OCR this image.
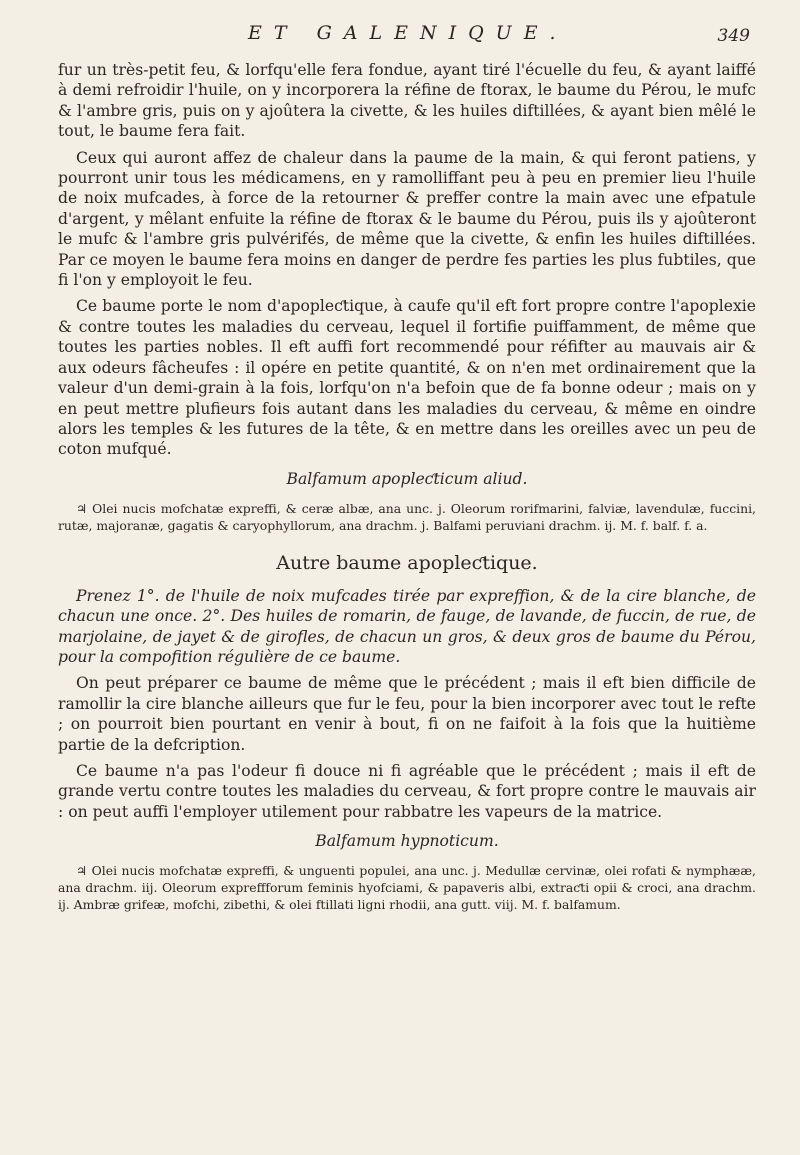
ET GALENIQUE.	349

fur un très-petit feu, & lorfqu'elle fera fondue, ayant tiré l'écuelle du feu, & ayant laiffé à demi refroidir l'huile, on y incorporera la réfine de ftorax, le baume du Pérou, le mufc & l'ambre gris, puis on y ajoûtera la civette, & les huiles diftillées, & ayant bien mêlé le tout, le baume fera fait.

Ceux qui auront affez de chaleur dans la paume de la main, & qui feront patiens, y pourront unir tous les médicamens, en y ramolliffant peu à peu en premier lieu l'huile de noix mufcades, à force de la retourner & preffer contre la main avec une efpatule d'argent, y mêlant enfuite la réfine de ftorax & le baume du Pérou, puis ils y ajoûteront le mufc & l'ambre gris pulvérifés, de même que la civette, & enfin les huiles diftillées. Par ce moyen le baume fera moins en danger de perdre fes parties les plus fubtiles, que fi l'on y employoit le feu.

Ce baume porte le nom d'apopleƈtique, à caufe qu'il eft fort propre contre l'apoplexie & contre toutes les maladies du cerveau, lequel il fortifie puiffamment, de même que toutes les parties nobles. Il eft auffi fort recommendé pour réfifter au mauvais air & aux odeurs fâcheufes : il opére en petite quantité, & on n'en met ordinairement que la valeur d'un demi-grain à la fois, lorfqu'on n'a befoin que de fa bonne odeur ; mais on y en peut mettre plufieurs fois autant dans les maladies du cerveau, & même en oindre alors les temples & les futures de la tête, & en mettre dans les oreilles avec un peu de coton mufqué.

Balfamum apopleƈticum aliud.
♃ Olei nucis mofchatæ expreffi, & ceræ albæ, ana unc. j. Oleorum rorifmarini, falviæ, lavendulæ, fuccini, rutæ, majoranæ, gagatis & caryophyllorum, ana drachm. j. Balfami peruviani drachm. ij. M. f. balf. f. a.
Autre baume apopleƈtique.

Prenez 1°. de l'huile de noix mufcades tirée par expreffion, & de la cire blanche, de chacun une once. 2°. Des huiles de romarin, de fauge, de lavande, de fuccin, de rue, de marjolaine, de jayet & de girofles, de chacun un gros, & deux gros de baume du Pérou, pour la compofition régulière de ce baume.

On peut préparer ce baume de même que le précédent ; mais il eft bien difficile de ramollir la cire blanche ailleurs que fur le feu, pour la bien incorporer avec tout le refte ; on pourroit bien pourtant en venir à bout, fi on ne faifoit à la fois que la huitième partie de la defcription.

Ce baume n'a pas l'odeur fi douce ni fi agréable que le précédent ; mais il eft de grande vertu contre toutes les maladies du cerveau, & fort propre contre le mauvais air : on peut auffi l'employer utilement pour rabbatre les vapeurs de la matrice.

Balfamum hypnoticum.
♃ Olei nucis mofchatæ expreffi, & unguenti populei, ana unc. j. Medullæ cervinæ, olei rofati & nymphææ, ana drachm. iij. Oleorum expreffforum feminis hyofciami, & papaveris albi, extraƈti opii & croci, ana drachm. ij. Ambræ grifeæ, mofchi, zibethi, & olei ftillati ligni rhodii, ana gutt. viij. M. f. balfamum.
